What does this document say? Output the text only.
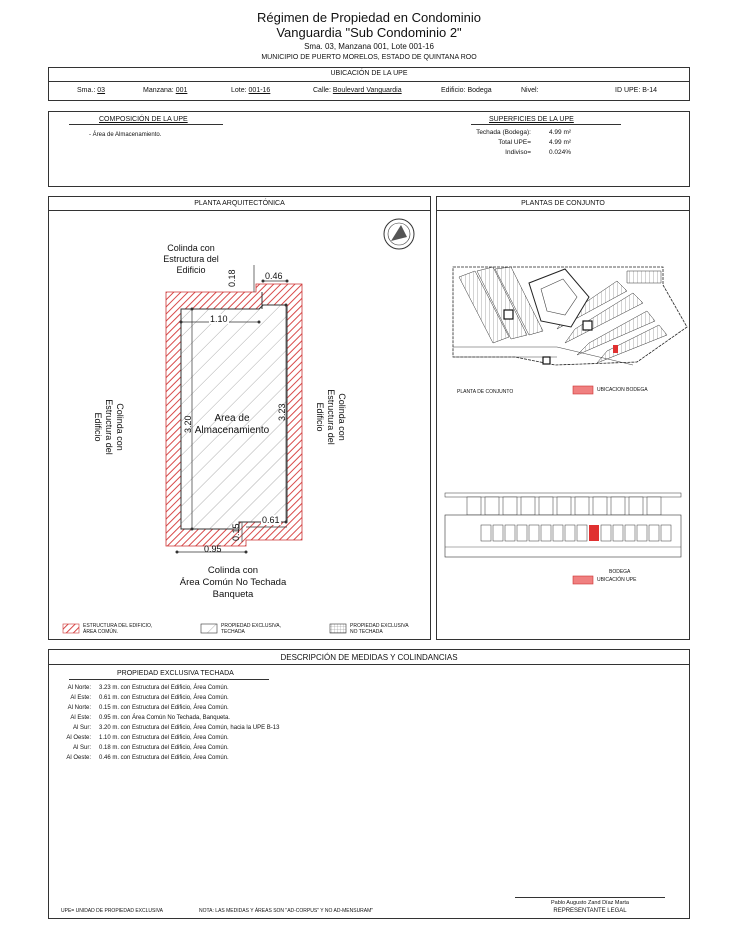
Régimen de Propiedad en Condominio
Vanguardia "Sub Condominio 2"
Sma. 03, Manzana 001, Lote 001-16
MUNICIPIO DE PUERTO MORELOS, ESTADO DE QUINTANA ROO
UBICACIÓN DE LA UPE
Sma.: 03	Manzana: 001	Lote: 001-16	Calle: Boulevard Vanguardia	Edificio: Bodega	Nivel:	ID UPE: B-14
COMPOSICIÓN DE LA UPE
- Área de Almacenamiento.
SUPERFICIES DE LA UPE
Techada (Bodega):	4.99 m²
Total UPE=	4.99 m²
Indiviso=	0.024%
PLANTA ARQUITECTÓNICA
Colinda con
Estructura del
Edificio
0.46
0.18
1.10
3.20
3.23
0.15
0.61
0.95
Area de
Almacenamiento	Colinda con
Estructura del
Edificio
Colinda con
Estructura del
Edificio
Colinda con
Área Común No Techada
Banqueta
ESTRUCTURA DEL EDIFICIO,
ÁREA COMÚN.
PROPIEDAD EXCLUSIVA,
TECHADA
PROPIEDAD EXCLUSIVA
NO TECHADA
PLANTAS DE CONJUNTO
PLANTA DE CONJUNTO	UBICACION BODEGA
BODEGA
UBICACIÓN UPE
DESCRIPCIÓN DE MEDIDAS Y COLINDANCIAS
PROPIEDAD EXCLUSIVA TECHADA
Al Norte: 3.23 m. con Estructura del Edificio, Área Común.
Al Este: 0.61 m. con Estructura del Edificio, Área Común.
Al Norte: 0.15 m. con Estructura del Edificio, Área Común.
Al Este: 0.95 m. con Área Común No Techada, Banqueta.
Al Sur: 3.20 m. con Estructura del Edificio, Área Común, hacia la UPE B-13
Al Oeste: 1.10 m. con Estructura del Edificio, Área Común.
Al Sur: 0.18 m. con Estructura del Edificio, Área Común.
Al Oeste: 0.46 m. con Estructura del Edificio, Área Común.
Pablo Augusto Zand Díaz Marta
REPRESENTANTE LEGAL
UPE= UNIDAD DE PROPIEDAD EXCLUSIVA	NOTA: LAS MEDIDAS Y ÁREAS SON "AD-CORPUS" Y NO AD-MENSURAM"
